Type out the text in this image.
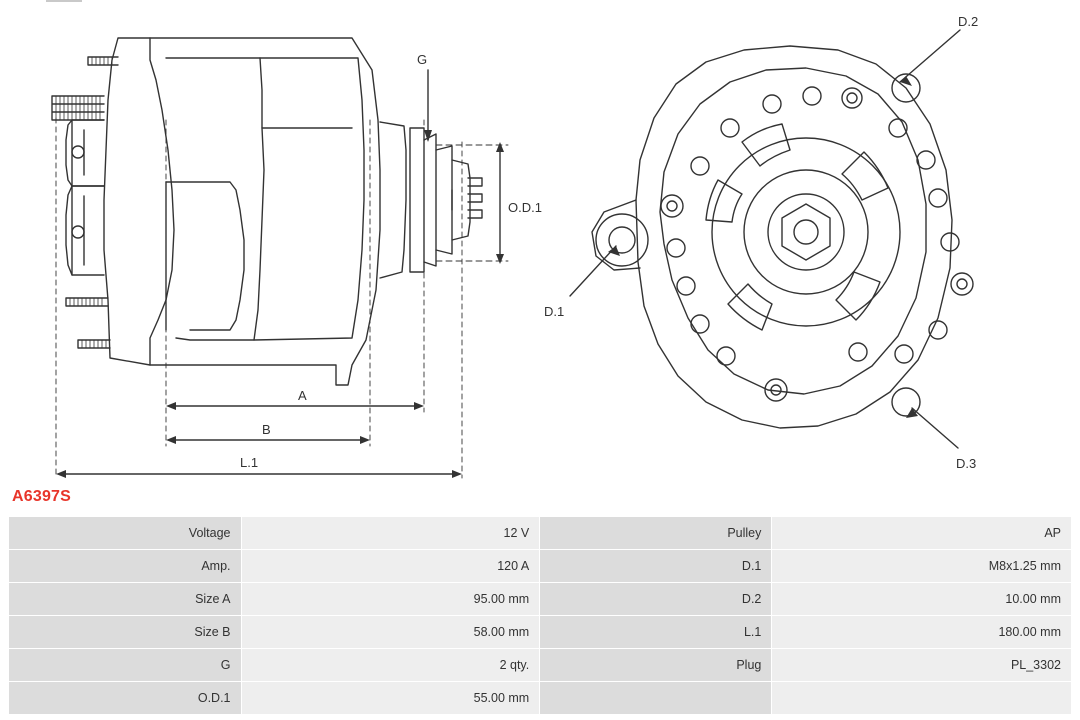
G
O.D.1
A
B
L.1
D.1
D.2
D.3
A6397S
Voltage	12 V	Pulley	AP
Amp.	120 A	D.1	M8x1.25 mm
Size A	95.00 mm	D.2	10.00 mm
Size B	58.00 mm	L.1	180.00 mm
G	2 qty.	Plug	PL_3302
O.D.1	55.00 mm		
